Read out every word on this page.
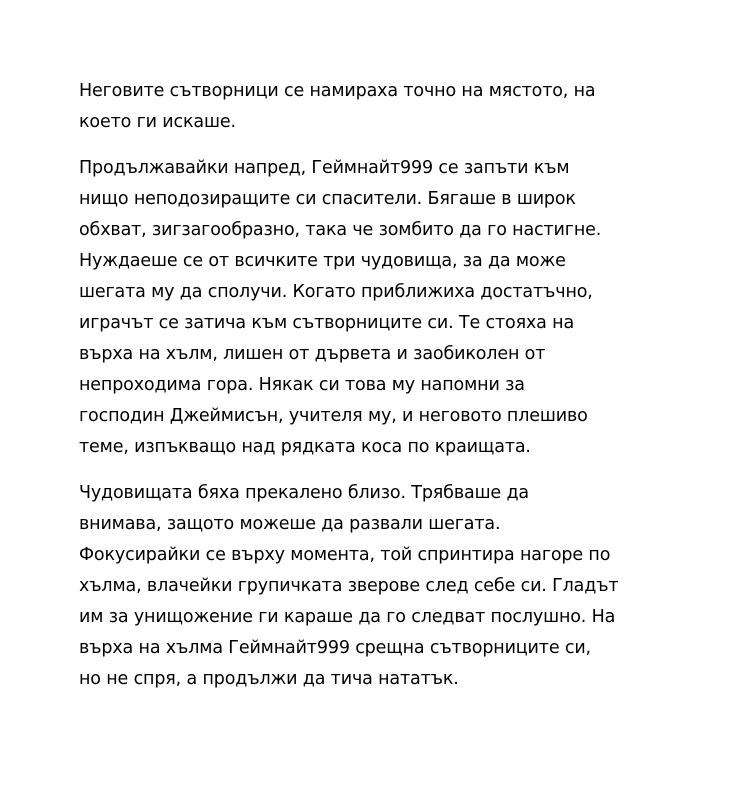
Неговите сътворници се намираха точно на мястото, на
което ги искаше.

Продължавайки напред, Геймнайт999 се запъти към
нищо неподозиращите си спасители. Бягаше в широк
обхват, зигзагообразно, така че зомбито да го настигне.
Нуждаеше се от всичките три чудовища, за да може
шегата му да сполучи. Когато приближиха достатъчно,
играчът се затича към сътворниците си. Те стояха на
върха на хълм, лишен от дървета и заобиколен от
непроходима гора. Някак си това му напомни за
господин Джеймисън, учителя му, и неговото плешиво
теме, изпъкващо над рядката коса по краищата.

Чудовищата бяха прекалено близо. Трябваше да
внимава, защото можеше да развали шегата.
Фокусирайки се върху момента, той спринтира нагоре по
хълма, влачейки групичката зверове след себе си. Гладът
им за унищожение ги караше да го следват послушно. На
върха на хълма Геймнайт999 срещна сътворниците си,
но не спря, а продължи да тича нататък.
